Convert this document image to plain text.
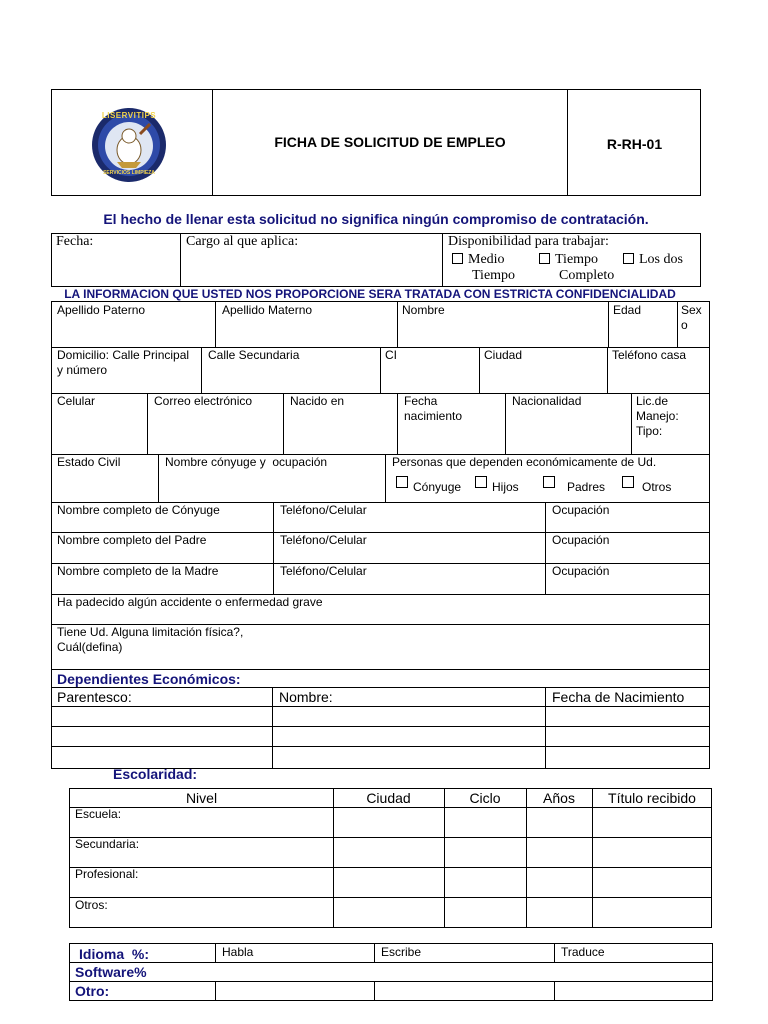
LISERVITIPS
SERVICIOS LIMPIEZA
FICHA DE SOLICITUD DE EMPLEO	R-RH-01
El hecho de llenar esta solicitud no significa ningún compromiso de contratación.
Fecha:	Cargo al que aplica:	Disponibilidad para trabajar:
Medio
Tiempo
Tiempo
Completo
Los dos
LA INFORMACION QUE USTED NOS PROPORCIONE SERA TRATADA CON ESTRICTA CONFIDENCIALIDAD
Apellido Paterno	Apellido Materno	Nombre	Edad	Sex
o
Domicilio: Calle Principal
y número
Calle Secundaria	CI	Ciudad	Teléfono casa
Celular	Correo electrónico	Nacido en	Fecha
nacimiento
Nacionalidad	Lic.de
Manejo:
Tipo:
Estado Civil	Nombre cónyuge y  ocupación	Personas que dependen económicamente de Ud.
Cónyuge	Hijos	Padres	Otros
Nombre completo de Cónyuge	Teléfono/Celular	Ocupación
Nombre completo del Padre	Teléfono/Celular	Ocupación
Nombre completo de la Madre	Teléfono/Celular	Ocupación
Ha padecido algún accidente o enfermedad grave
Tiene Ud. Alguna limitación física?,
Cuál(defina)
Dependientes Económicos:
Parentesco:	Nombre:	Fecha de Nacimiento
Escolaridad:
Nivel	Ciudad	Ciclo	Años	Título recibido
Escuela:
Secundaria:
Profesional:
Otros:
Idioma  %:	Habla	Escribe	Traduce
Software%
Otro:
